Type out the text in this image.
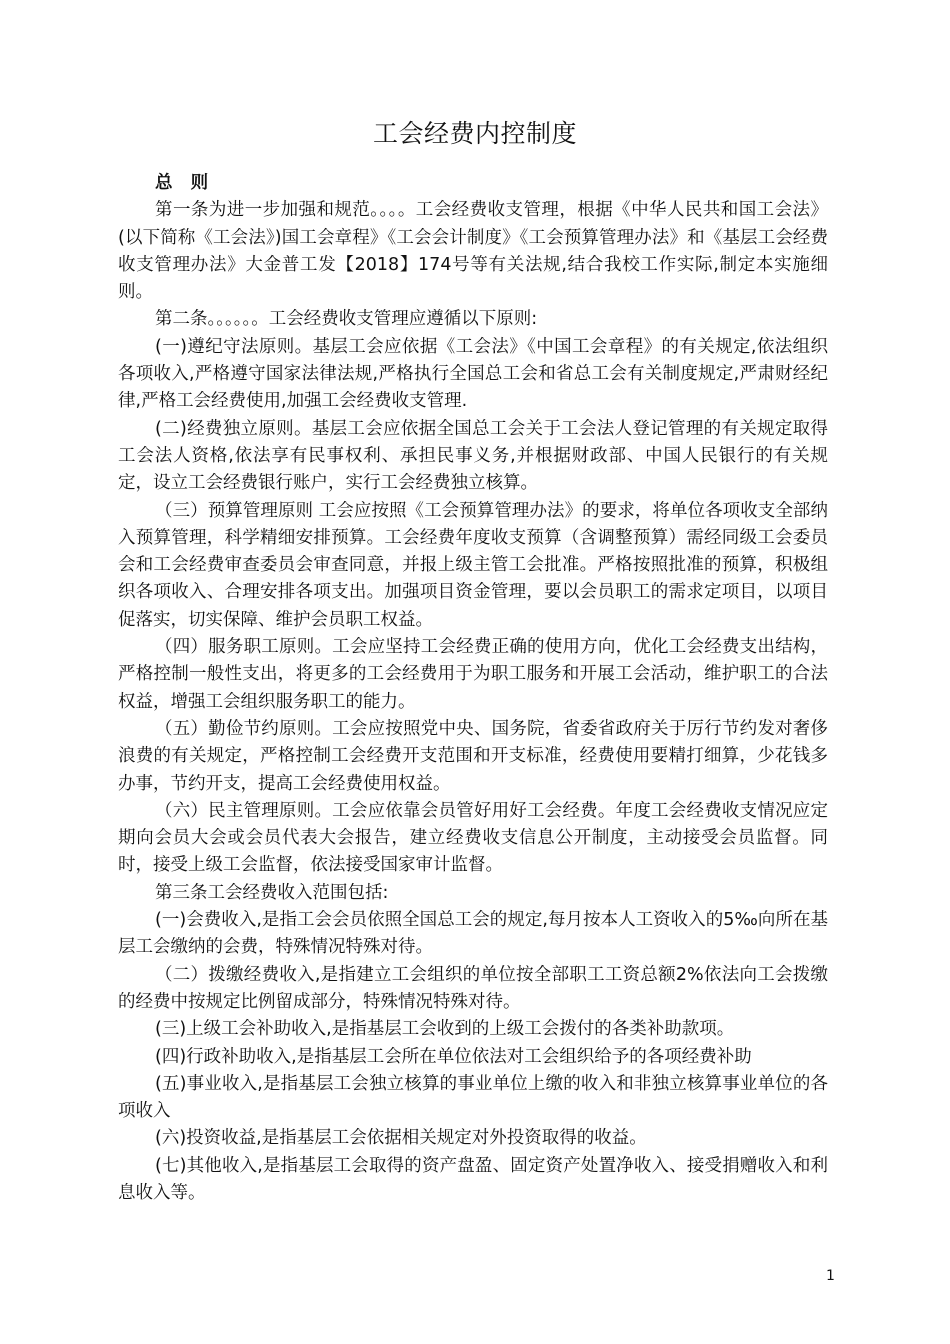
工会经费内控制度

总 则

第一条为进一步加强和规范。。。。工会经费收支管理，根据《中华人民共和国工会法》(以下简称《工会法》)国工会章程》《工会会计制度》《工会预算管理办法》和《基层工会经费收支管理办法》大金普工发【2018】174号等有关法规,结合我校工作实际,制定本实施细则。

第二条。。。。。。工会经费收支管理应遵循以下原则:

(一)遵纪守法原则。基层工会应依据《工会法》《中国工会章程》的有关规定,依法组织各项收入,严格遵守国家法律法规,严格执行全国总工会和省总工会有关制度规定,严肃财经纪律,严格工会经费使用,加强工会经费收支管理.

(二)经费独立原则。基层工会应依据全国总工会关于工会法人登记管理的有关规定取得工会法人资格,依法享有民事权利、承担民事义务,并根据财政部、中国人民银行的有关规定，设立工会经费银行账户，实行工会经费独立核算。

（三）预算管理原则 工会应按照《工会预算管理办法》的要求，将单位各项收支全部纳入预算管理，科学精细安排预算。工会经费年度收支预算（含调整预算）需经同级工会委员会和工会经费审查委员会审查同意，并报上级主管工会批准。严格按照批准的预算，积极组织各项收入、合理安排各项支出。加强项目资金管理，要以会员职工的需求定项目，以项目促落实，切实保障、维护会员职工权益。

（四）服务职工原则。工会应坚持工会经费正确的使用方向，优化工会经费支出结构，严格控制一般性支出，将更多的工会经费用于为职工服务和开展工会活动，维护职工的合法权益，增强工会组织服务职工的能力。

（五）勤俭节约原则。工会应按照党中央、国务院，省委省政府关于厉行节约发对奢侈浪费的有关规定，严格控制工会经费开支范围和开支标准，经费使用要精打细算，少花钱多办事，节约开支，提高工会经费使用权益。

（六）民主管理原则。工会应依靠会员管好用好工会经费。年度工会经费收支情况应定期向会员大会或会员代表大会报告，建立经费收支信息公开制度，主动接受会员监督。同时，接受上级工会监督，依法接受国家审计监督。

第三条工会经费收入范围包括:

(一)会费收入,是指工会会员依照全国总工会的规定,每月按本人工资收入的5‰向所在基层工会缴纳的会费，特殊情况特殊对待。

（二）拨缴经费收入,是指建立工会组织的单位按全部职工工资总额2%依法向工会拨缴的经费中按规定比例留成部分，特殊情况特殊对待。

(三)上级工会补助收入,是指基层工会收到的上级工会拨付的各类补助款项。

(四)行政补助收入,是指基层工会所在单位依法对工会组织给予的各项经费补助

(五)事业收入,是指基层工会独立核算的事业单位上缴的收入和非独立核算事业单位的各项收入

(六)投资收益,是指基层工会依据相关规定对外投资取得的收益。

(七)其他收入,是指基层工会取得的资产盘盈、固定资产处置净收入、接受捐赠收入和利息收入等。

1
